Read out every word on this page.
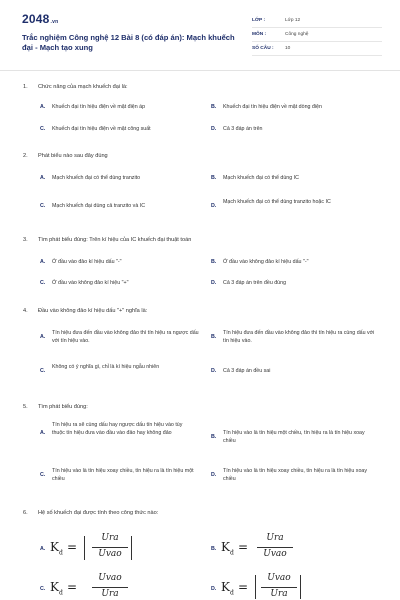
2048.vn
Trắc nghiệm Công nghệ 12 Bài 8 (có đáp án): Mạch khuếch đại - Mạch tạo xung
LỚP :	Lớp 12
MÔN :	Công nghệ
SỐ CÂU : 10
1. Chức năng của mạch khuếch đại là:
A. Khuếch đại tín hiệu điện về mặt điện áp	B. Khuếch đại tín hiệu điện về mặt dòng điện
C. Khuếch đại tín hiệu điện về mặt công suất	D. Cả 3 đáp án trên
2. Phát biểu nào sau đây đúng
A. Mạch khuếch đại có thể dùng tranzito	B. Mạch khuếch đại có thể dùng IC
C. Mạch khuếch đại dùng cả tranzito và IC	D.
Mạch khuếch đại có thể dùng tranzito hoặc IC
3. Tìm phát biểu đúng: Trên kí hiệu của IC khuếch đại thuật toán
A. Ở đầu vào đảo kí hiệu dấu "-"	B. Ở đầu vào không đảo kí hiệu dấu "-"
C. Ở đầu vào không đảo kí hiệu "+"	D. Cả 3 đáp án trên đều đúng
4. Đầu vào không đảo kí hiệu dấu "+" nghĩa là:
A.
Tín hiệu đưa đến đầu vào không đảo thì tín hiệu ra ngược dấu với tín hiệu vào.
B.
Tín hiệu đưa đến đầu vào không đảo thì tín hiệu ra cùng dấu với tín hiệu vào.
C.
Không có ý nghĩa gì, chỉ là kí hiệu ngẫu nhiên
D. Cả 3 đáp án đều sai
5. Tìm phát biểu đúng:
A.
Tín hiệu ra sẽ cùng dấu hay ngược dấu tín hiệu vào tùy thuộc tín hiệu đưa vào đầu vào đảo hay không đảo
B.
Tín hiệu vào là tín hiệu một chiều, tín hiệu ra là tín hiệu xoay chiều
C.
Tín hiệu vào là tín hiệu xoay chiều, tín hiệu ra là tín hiệu một chiều
D.
Tín hiệu vào là tín hiệu xoay chiều, tín hiệu ra là tín hiệu xoay chiều
6. Hệ số khuếch đại được tính theo công thức nào:
A. $K_đ$ =
Ura
Uvao	B. $K_đ$ =
Ura
Uvao
C. $K_đ$ =
Uvao
Ura	D. $K_đ$ =
Uvao
Ura
